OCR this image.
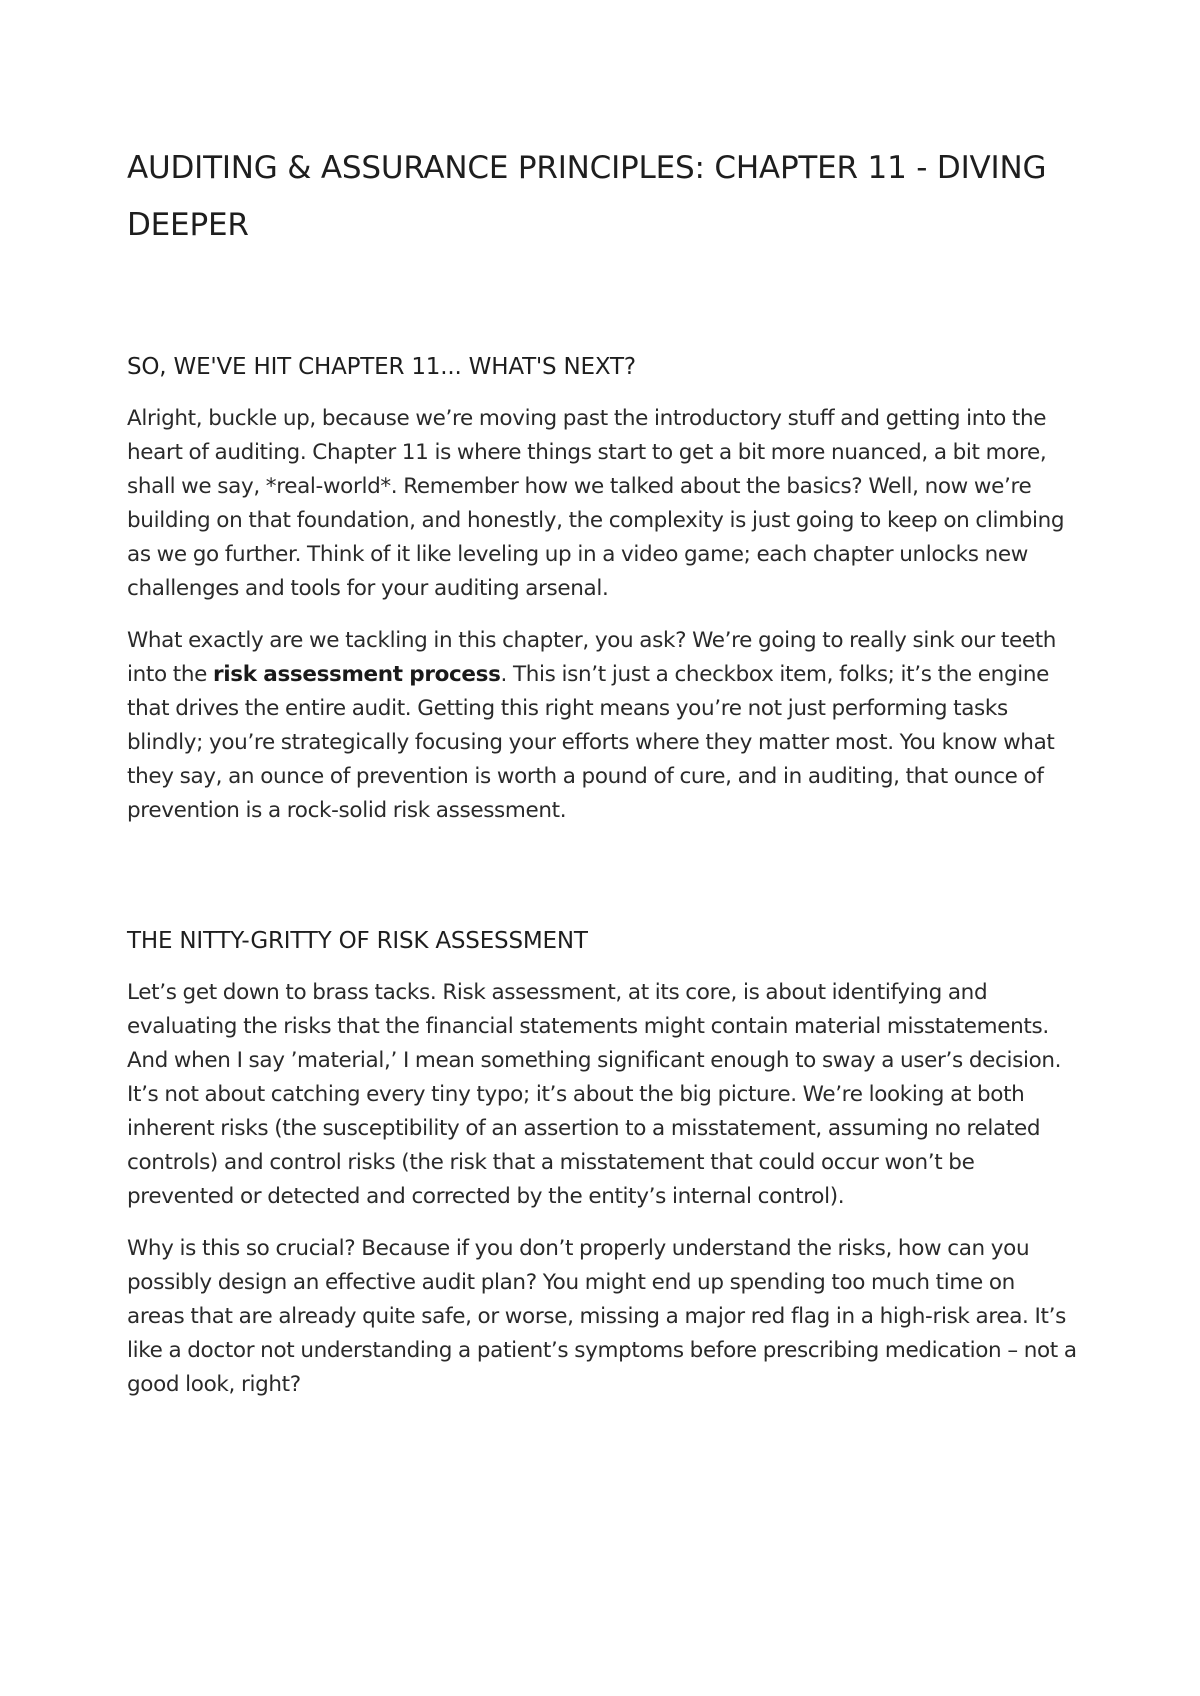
AUDITING & ASSURANCE PRINCIPLES: CHAPTER 11 - DIVING DEEPER
SO, WE'VE HIT CHAPTER 11... WHAT'S NEXT?

Alright, buckle up, because we’re moving past the introductory stuff and getting into the heart of auditing. Chapter 11 is where things start to get a bit more nuanced, a bit more, shall we say, *real-world*. Remember how we talked about the basics? Well, now we’re building on that foundation, and honestly, the complexity is just going to keep on climbing as we go further. Think of it like leveling up in a video game; each chapter unlocks new challenges and tools for your auditing arsenal.

What exactly are we tackling in this chapter, you ask? We’re going to really sink our teeth into the risk assessment process. This isn’t just a checkbox item, folks; it’s the engine that drives the entire audit. Getting this right means you’re not just performing tasks blindly; you’re strategically focusing your efforts where they matter most. You know what they say, an ounce of prevention is worth a pound of cure, and in auditing, that ounce of prevention is a rock-solid risk assessment.

THE NITTY-GRITTY OF RISK ASSESSMENT

Let’s get down to brass tacks. Risk assessment, at its core, is about identifying and evaluating the risks that the financial statements might contain material misstatements. And when I say ’material,’ I mean something significant enough to sway a user’s decision. It’s not about catching every tiny typo; it’s about the big picture. We’re looking at both inherent risks (the susceptibility of an assertion to a misstatement, assuming no related controls) and control risks (the risk that a misstatement that could occur won’t be prevented or detected and corrected by the entity’s internal control).

Why is this so crucial? Because if you don’t properly understand the risks, how can you possibly design an effective audit plan? You might end up spending too much time on areas that are already quite safe, or worse, missing a major red flag in a high-risk area. It’s like a doctor not understanding a patient’s symptoms before prescribing medication – not a good look, right?
